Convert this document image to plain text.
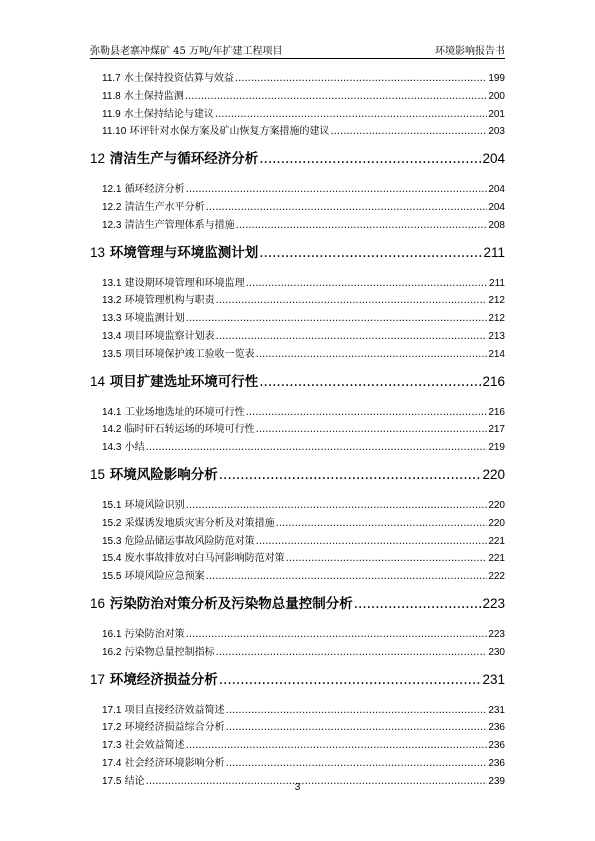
弥勒县老寨冲煤矿 45 万吨/年扩建工程项目	环境影响报告书
11.7 水土保持投资估算与效益 .....	199
11.8 水土保持监测 .....	200
11.9 水土保持结论与建议 .....	201
11.10 环评针对水保方案及矿山恢复方案措施的建议 .....	203
12 清洁生产与循环经济分析 .....	204
12.1 循环经济分析 .....	204
12.2 清洁生产水平分析 .....	204
12.3 清洁生产管理体系与措施 .....	208
13 环境管理与环境监测计划 .....	211
13.1 建设期环境管理和环境监理 .....	211
13.2 环境管理机构与职责 .....	212
13.3 环境监测计划 .....	212
13.4 项目环境监察计划表 .....	213
13.5 项目环境保护竣工验收一览表 .....	214
14 项目扩建选址环境可行性 .....	216
14.1 工业场地选址的环境可行性 .....	216
14.2 临时矸石转运场的环境可行性 .....	217
14.3 小结 .....	219
15 环境风险影响分析 .....	220
15.1 环境风险识别 .....	220
15.2 采煤诱发地质灾害分析及对策措施 .....	220
15.3 危险品储运事故风险防范对策 .....	221
15.4 废水事故排放对白马河影响防范对策 .....	221
15.5 环境风险应急预案 .....	222
16 污染防治对策分析及污染物总量控制分析 .....	223
16.1 污染防治对策 .....	223
16.2 污染物总量控制指标 .....	230
17 环境经济损益分析 .....	231
17.1 项目直接经济效益简述 .....	231
17.2 环境经济损益综合分析 .....	236
17.3 社会效益简述 .....	236
17.4 社会经济环境影响分析 .....	236
17.5 结论 .....	239
3
